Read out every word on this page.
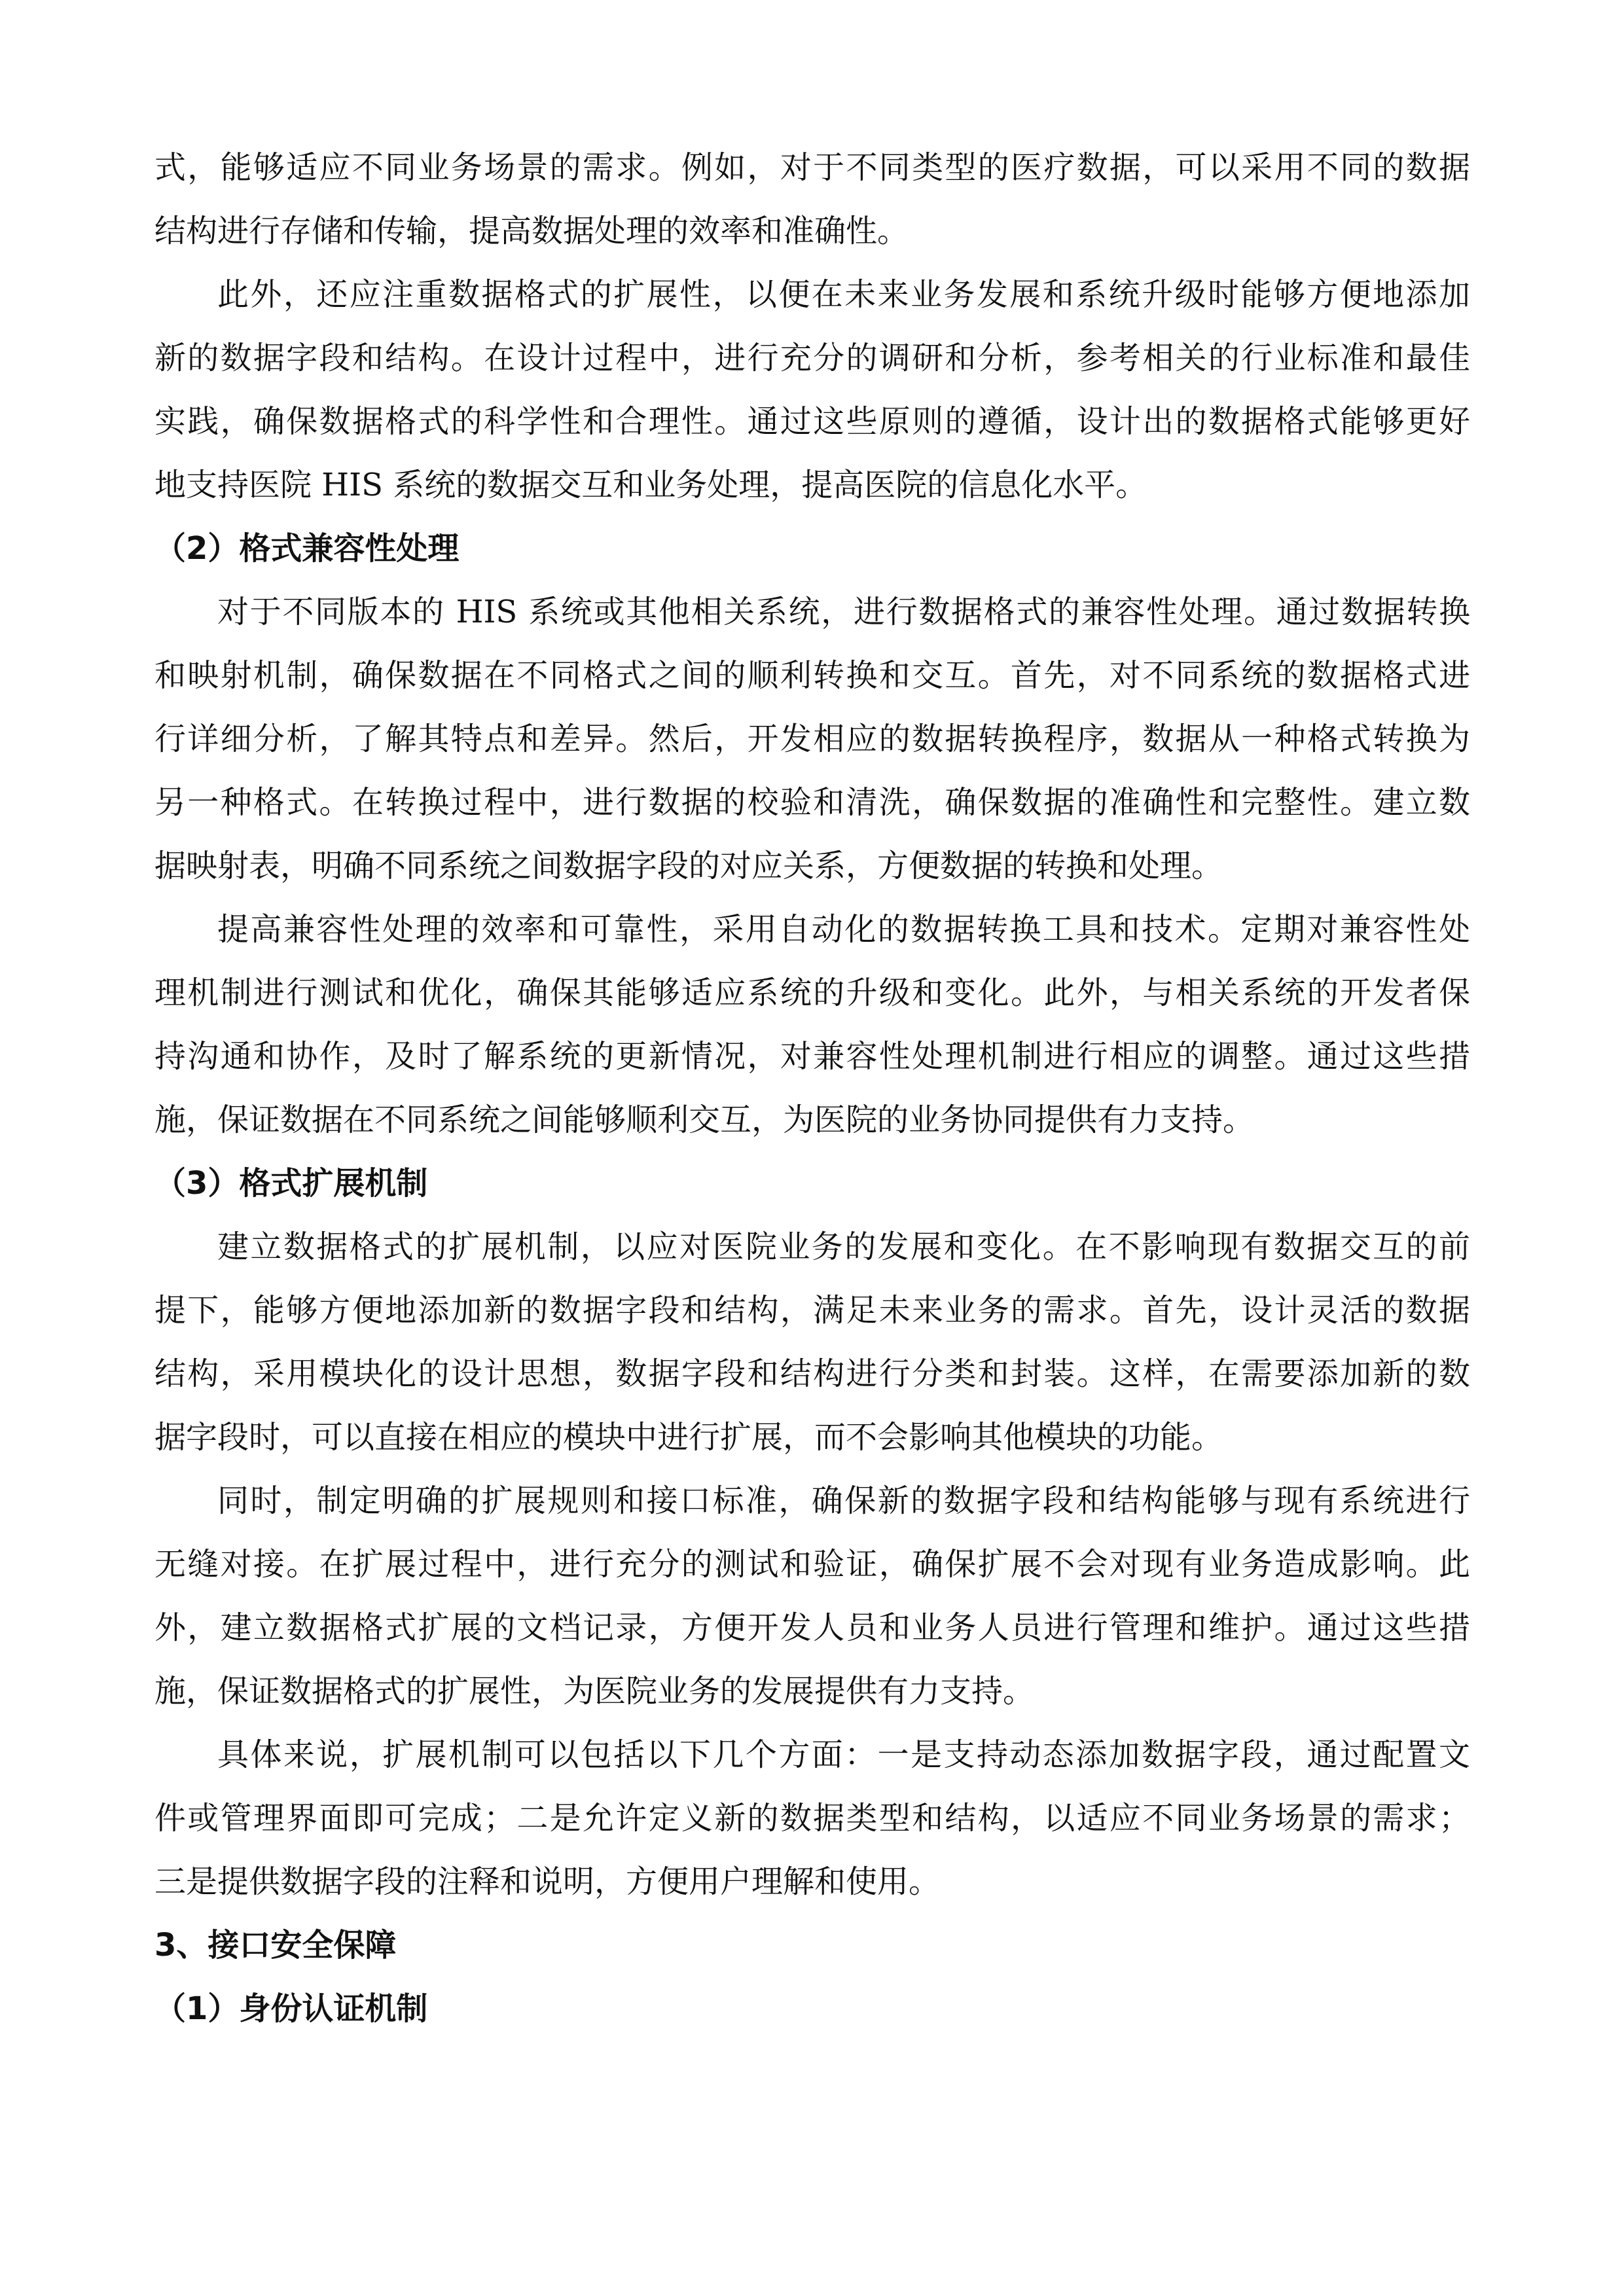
式，能够适应不同业务场景的需求。例如，对于不同类型的医疗数据，可以采用不同的数据
结构进行存储和传输，提高数据处理的效率和准确性。
此外，还应注重数据格式的扩展性，以便在未来业务发展和系统升级时能够方便地添加
新的数据字段和结构。在设计过程中，进行充分的调研和分析，参考相关的行业标准和最佳
实践，确保数据格式的科学性和合理性。通过这些原则的遵循，设计出的数据格式能够更好
地支持医院 HIS 系统的数据交互和业务处理，提高医院的信息化水平。
（2）格式兼容性处理
对于不同版本的 HIS 系统或其他相关系统，进行数据格式的兼容性处理。通过数据转换
和映射机制，确保数据在不同格式之间的顺利转换和交互。首先，对不同系统的数据格式进
行详细分析，了解其特点和差异。然后，开发相应的数据转换程序，数据从一种格式转换为
另一种格式。在转换过程中，进行数据的校验和清洗，确保数据的准确性和完整性。建立数
据映射表，明确不同系统之间数据字段的对应关系，方便数据的转换和处理。
提高兼容性处理的效率和可靠性，采用自动化的数据转换工具和技术。定期对兼容性处
理机制进行测试和优化，确保其能够适应系统的升级和变化。此外，与相关系统的开发者保
持沟通和协作，及时了解系统的更新情况，对兼容性处理机制进行相应的调整。通过这些措
施，保证数据在不同系统之间能够顺利交互，为医院的业务协同提供有力支持。
（3）格式扩展机制
建立数据格式的扩展机制，以应对医院业务的发展和变化。在不影响现有数据交互的前
提下，能够方便地添加新的数据字段和结构，满足未来业务的需求。首先，设计灵活的数据
结构，采用模块化的设计思想，数据字段和结构进行分类和封装。这样，在需要添加新的数
据字段时，可以直接在相应的模块中进行扩展，而不会影响其他模块的功能。
同时，制定明确的扩展规则和接口标准，确保新的数据字段和结构能够与现有系统进行
无缝对接。在扩展过程中，进行充分的测试和验证，确保扩展不会对现有业务造成影响。此
外，建立数据格式扩展的文档记录，方便开发人员和业务人员进行管理和维护。通过这些措
施，保证数据格式的扩展性，为医院业务的发展提供有力支持。
具体来说，扩展机制可以包括以下几个方面：一是支持动态添加数据字段，通过配置文
件或管理界面即可完成；二是允许定义新的数据类型和结构，以适应不同业务场景的需求；
三是提供数据字段的注释和说明，方便用户理解和使用。
3、接口安全保障
（1）身份认证机制
